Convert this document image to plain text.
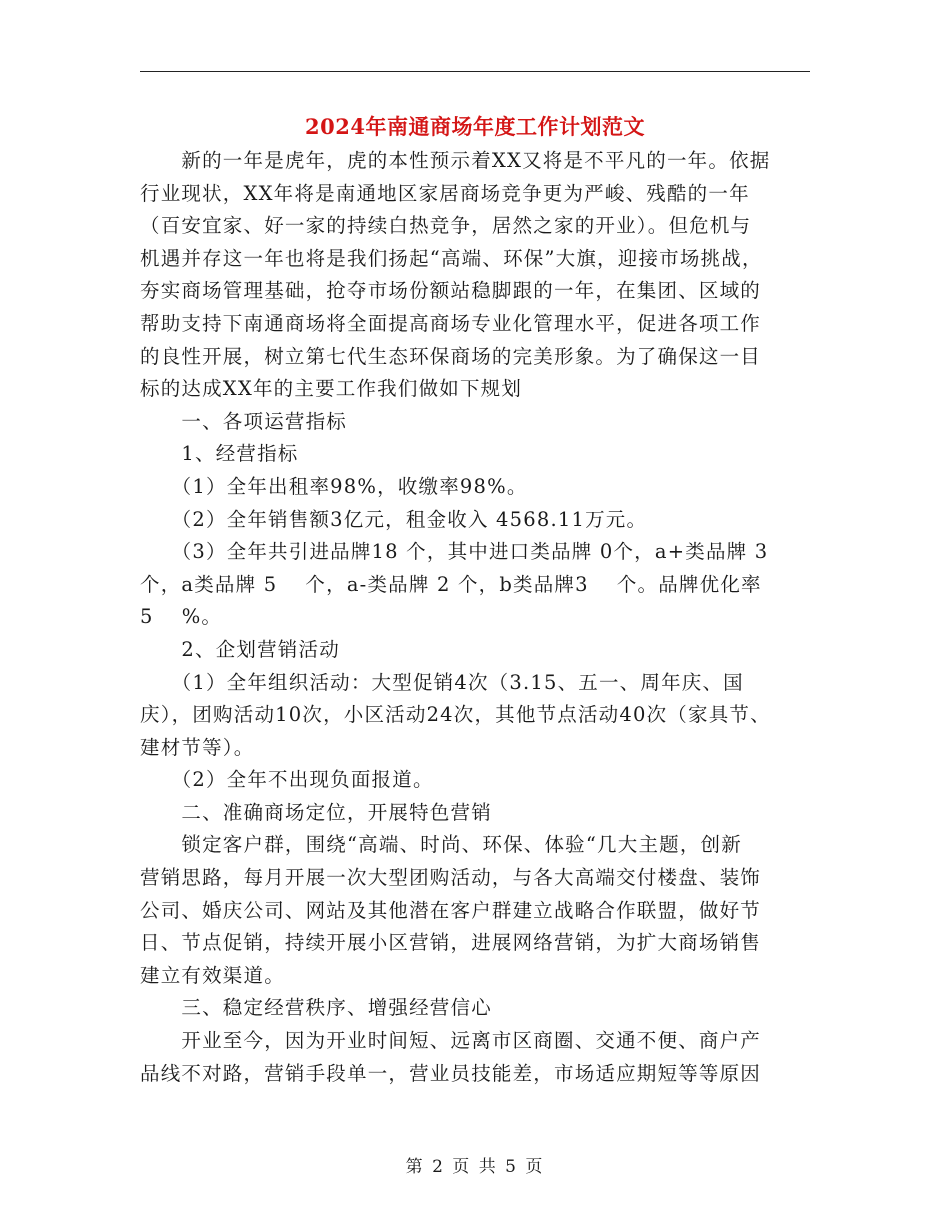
2024年南通商场年度工作计划范文
　　新的一年是虎年，虎的本性预示着XX又将是不平凡的一年。依据
行业现状，XX年将是南通地区家居商场竞争更为严峻、残酷的一年
（百安宜家、好一家的持续白热竞争，居然之家的开业）。但危机与
机遇并存这一年也将是我们扬起“高端、环保”大旗，迎接市场挑战，
夯实商场管理基础，抢夺市场份额站稳脚跟的一年，在集团、区域的
帮助支持下南通商场将全面提高商场专业化管理水平，促进各项工作
的良性开展，树立第七代生态环保商场的完美形象。为了确保这一目
标的达成XX年的主要工作我们做如下规划
　　一、各项运营指标
　　1、经营指标
　　（1）全年出租率98%，收缴率98%。
　　（2）全年销售额3亿元，租金收入 4568.11万元。
　　（3）全年共引进品牌18 个，其中进口类品牌 0个，a+类品牌 3
个，a类品牌 5　 个，a-类品牌 2 个，b类品牌3　 个。品牌优化率
5　 %。
　　2、企划营销活动
　　（1）全年组织活动：大型促销4次（3.15、五一、周年庆、国
庆），团购活动10次，小区活动24次，其他节点活动40次（家具节、
建材节等）。
　　（2）全年不出现负面报道。
　　二、准确商场定位，开展特色营销
　　锁定客户群，围绕“高端、时尚、环保、体验“几大主题，创新
营销思路，每月开展一次大型团购活动，与各大高端交付楼盘、装饰
公司、婚庆公司、网站及其他潜在客户群建立战略合作联盟，做好节
日、节点促销，持续开展小区营销，进展网络营销，为扩大商场销售
建立有效渠道。
　　三、稳定经营秩序、增强经营信心
　　开业至今，因为开业时间短、远离市区商圈、交通不便、商户产
品线不对路，营销手段单一，营业员技能差，市场适应期短等等原因
第 2 页 共 5 页
